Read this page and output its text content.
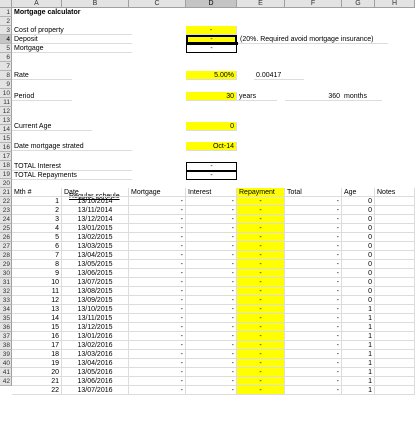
A	B	C	D	E	F	G	H
1
2
3
4
5
6
7
8
9
10
11
12
13
14
15
16
17
18
19
20
21
22
23
24
25
26
27
28
29
30
31
32
33
34
35
36
37
38
39
40
41
42
Mortgage calculator
Cost of property	-
Deposit	-	(20%. Required avoid mortgage insurance)
Mortgage	-
Rate	5.00%	0.00417
Period	30 years	360 months
Current Age	0
Date mortgage strated	Oct-14
TOTAL Interest	-
TOTAL Repayments	-
Regular scheule
Mth #	Date	Mortgage	Interest	Repayment	Total	Age	Notes
1	13/10/2014	-	-	-	-	0
2	13/11/2014	-	-	-	-	0
3	13/12/2014	-	-	-	-	0
4	13/01/2015	-	-	-	-	0
5	13/02/2015	-	-	-	-	0
6	13/03/2015	-	-	-	-	0
7	13/04/2015	-	-	-	-	0
8	13/05/2015	-	-	-	-	0
9	13/06/2015	-	-	-	-	0
10	13/07/2015	-	-	-	-	0
11	13/08/2015	-	-	-	-	0
12	13/09/2015	-	-	-	-	0
13	13/10/2015	-	-	-	-	1
14	13/11/2015	-	-	-	-	1
15	13/12/2015	-	-	-	-	1
16	13/01/2016	-	-	-	-	1
17	13/02/2016	-	-	-	-	1
18	13/03/2016	-	-	-	-	1
19	13/04/2016	-	-	-	-	1
20	13/05/2016	-	-	-	-	1
21	13/06/2016	-	-	-	-	1
22	13/07/2016	-	-	-	-	1
